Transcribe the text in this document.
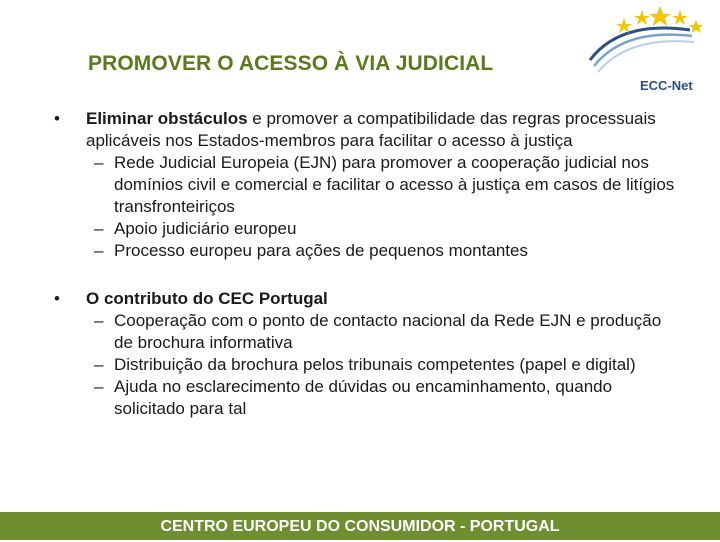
PROMOVER O ACESSO À VIA JUDICIAL
ECC-Net
• Eliminar obstáculos e promover a compatibilidade das regras processuais aplicáveis nos Estados-membros para facilitar o acesso à justiça
– Rede Judicial Europeia (EJN) para promover a cooperação judicial nos domínios civil e comercial e facilitar o acesso à justiça em casos de litígios transfronteiriços
– Apoio judiciário europeu
– Processo europeu para ações de pequenos montantes
• O contributo do CEC Portugal
– Cooperação com o ponto de contacto nacional da Rede EJN e produção de brochura informativa
– Distribuição da brochura pelos tribunais competentes (papel e digital)
– Ajuda no esclarecimento de dúvidas ou encaminhamento, quando solicitado para tal
CENTRO EUROPEU DO CONSUMIDOR - PORTUGAL
